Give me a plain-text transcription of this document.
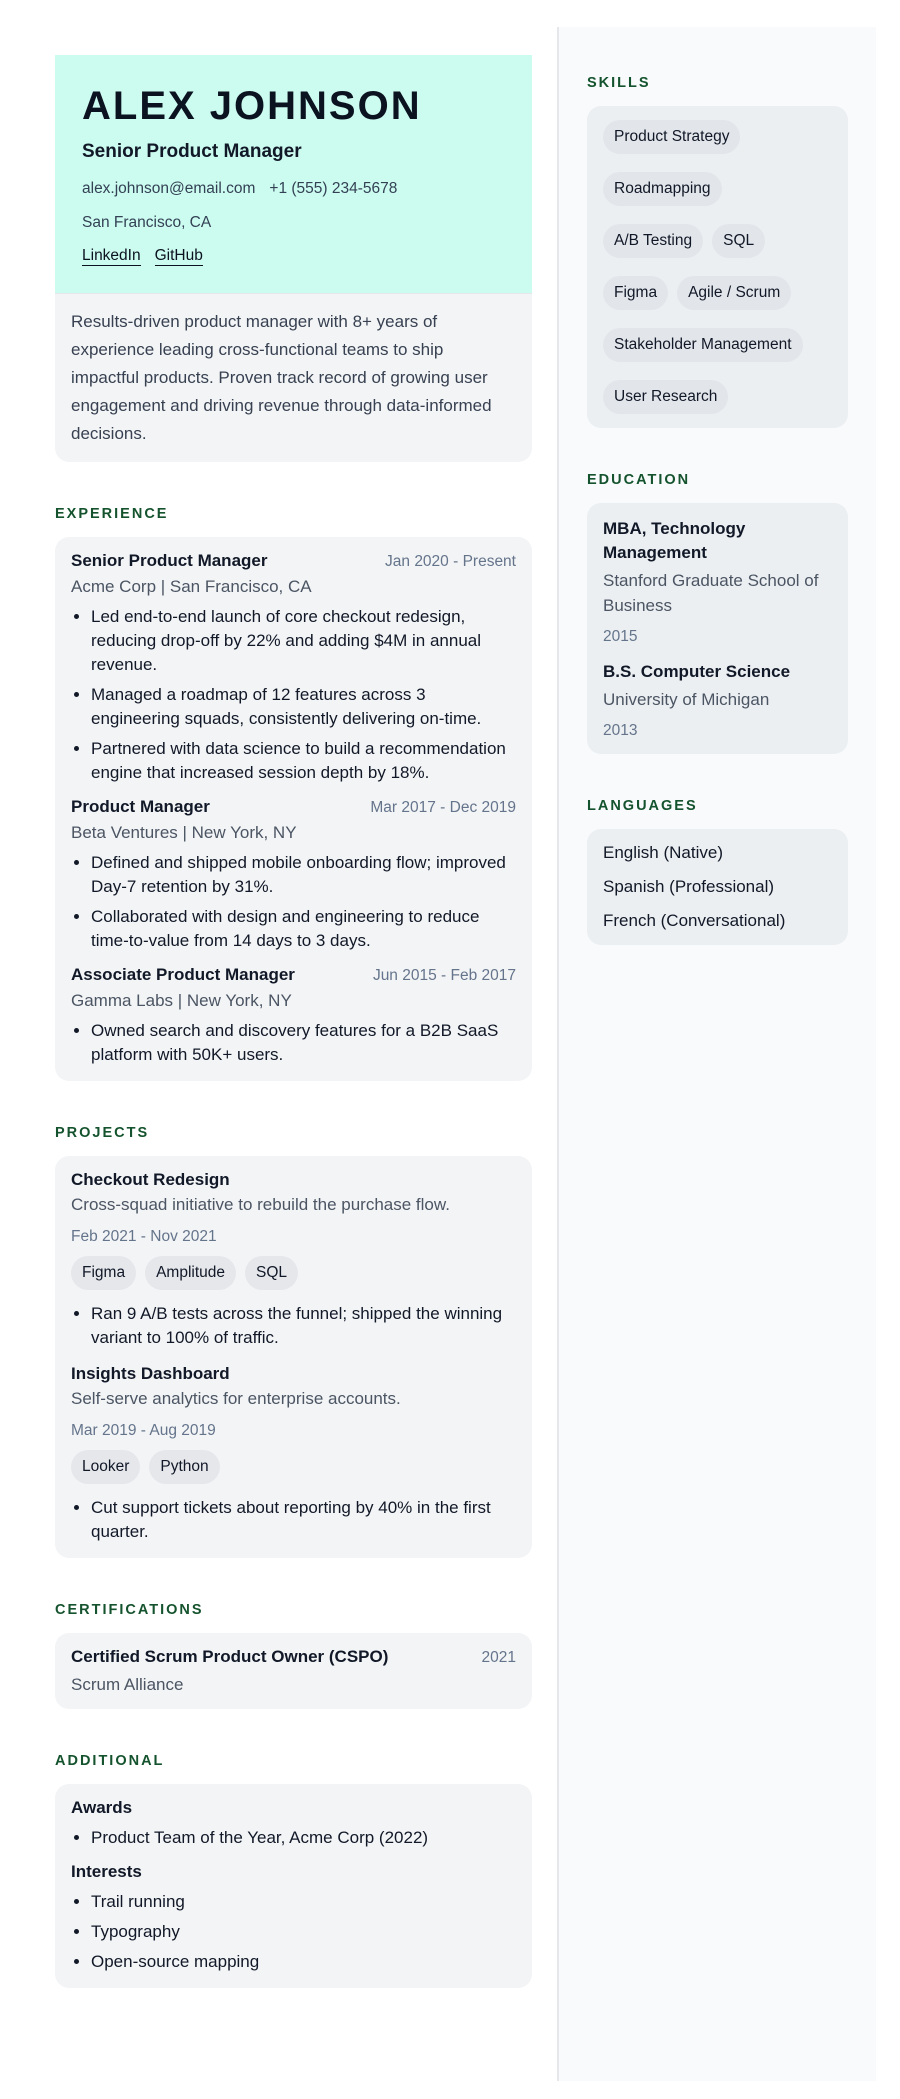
ALEX JOHNSON
Senior Product Manager
alex.johnson@email.com +1 (555) 234-5678
San Francisco, CA
LinkedIn GitHub
Results-driven product manager with 8+ years of experience leading cross-functional teams to ship impactful products. Proven track record of growing user engagement and driving revenue through data-informed decisions.
EXPERIENCE
Senior Product Manager	Jan 2020 - Present
Acme Corp | San Francisco, CA
• Led end-to-end launch of core checkout redesign, reducing drop-off by 22% and adding $4M in annual revenue.
• Managed a roadmap of 12 features across 3 engineering squads, consistently delivering on-time.
• Partnered with data science to build a recommendation engine that increased session depth by 18%.
Product Manager	Mar 2017 - Dec 2019
Beta Ventures | New York, NY
• Defined and shipped mobile onboarding flow; improved Day-7 retention by 31%.
• Collaborated with design and engineering to reduce time-to-value from 14 days to 3 days.
Associate Product Manager	Jun 2015 - Feb 2017
Gamma Labs | New York, NY
• Owned search and discovery features for a B2B SaaS platform with 50K+ users.
PROJECTS
Checkout Redesign
Cross-squad initiative to rebuild the purchase flow.
Feb 2021 - Nov 2021
Figma	Amplitude	SQL
• Ran 9 A/B tests across the funnel; shipped the winning variant to 100% of traffic.
Insights Dashboard
Self-serve analytics for enterprise accounts.
Mar 2019 - Aug 2019
Looker	Python
• Cut support tickets about reporting by 40% in the first quarter.
CERTIFICATIONS
Certified Scrum Product Owner (CSPO)	2021
Scrum Alliance
ADDITIONAL
Awards
• Product Team of the Year, Acme Corp (2022)
Interests
• Trail running
• Typography
• Open-source mapping
SKILLS
Product Strategy
Roadmapping
A/B Testing	SQL
Figma	Agile / Scrum
Stakeholder Management
User Research
EDUCATION
MBA, Technology Management
Stanford Graduate School of Business
2015
B.S. Computer Science
University of Michigan
2013
LANGUAGES
English (Native)
Spanish (Professional)
French (Conversational)
